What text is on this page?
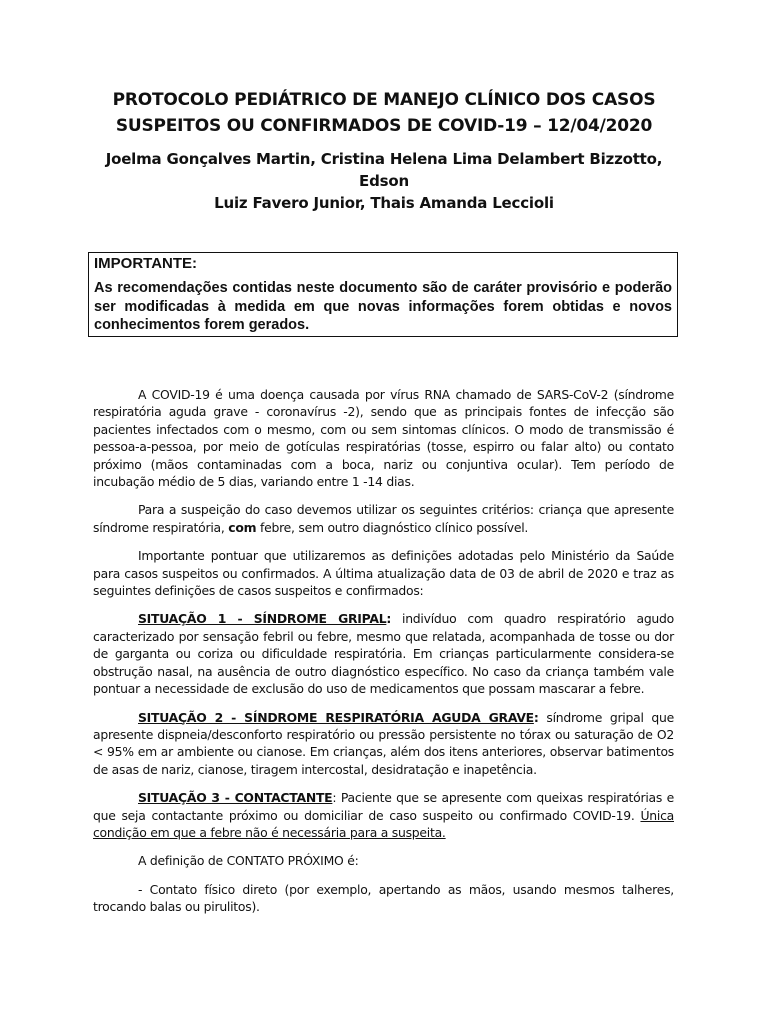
PROTOCOLO PEDIÁTRICO DE MANEJO CLÍNICO DOS CASOS
SUSPEITOS OU CONFIRMADOS DE COVID-19 – 12/04/2020

Joelma Gonçalves Martin, Cristina Helena Lima Delambert Bizzotto, Edson
Luiz Favero Junior, Thais Amanda Leccioli

IMPORTANTE:

As recomendações contidas neste documento são de caráter provisório e poderão ser modificadas à medida em que novas informações forem obtidas e novos conhecimentos forem gerados.

A COVID-19 é uma doença causada por vírus RNA chamado de SARS-CoV-2 (síndrome respiratória aguda grave - coronavírus -2), sendo que as principais fontes de infecção são pacientes infectados com o mesmo, com ou sem sintomas clínicos. O modo de transmissão é pessoa-a-pessoa, por meio de gotículas respiratórias (tosse, espirro ou falar alto) ou contato próximo (mãos contaminadas com a boca, nariz ou conjuntiva ocular). Tem período de incubação médio de 5 dias, variando entre 1 -14 dias.

Para a suspeição do caso devemos utilizar os seguintes critérios: criança que apresente síndrome respiratória, com febre, sem outro diagnóstico clínico possível.

Importante pontuar que utilizaremos as definições adotadas pelo Ministério da Saúde para casos suspeitos ou confirmados. A última atualização data de 03 de abril de 2020 e traz as seguintes definições de casos suspeitos e confirmados:

SITUAÇÃO 1 - SÍNDROME GRIPAL: indivíduo com quadro respiratório agudo caracterizado por sensação febril ou febre, mesmo que relatada, acompanhada de tosse ou dor de garganta ou coriza ou dificuldade respiratória. Em crianças particularmente considera-se obstrução nasal, na ausência de outro diagnóstico específico. No caso da criança também vale pontuar a necessidade de exclusão do uso de medicamentos que possam mascarar a febre.

SITUAÇÃO 2 - SÍNDROME RESPIRATÓRIA AGUDA GRAVE: síndrome gripal que apresente dispneia/desconforto respiratório ou pressão persistente no tórax ou saturação de O2 < 95% em ar ambiente ou cianose. Em crianças, além dos itens anteriores, observar batimentos de asas de nariz, cianose, tiragem intercostal, desidratação e inapetência.

SITUAÇÃO 3 - CONTACTANTE: Paciente que se apresente com queixas respiratórias e que seja contactante próximo ou domiciliar de caso suspeito ou confirmado COVID-19. Única condição em que a febre não é necessária para a suspeita.

A definição de CONTATO PRÓXIMO é:

- Contato físico direto (por exemplo, apertando as mãos, usando mesmos talheres, trocando balas ou pirulitos).
